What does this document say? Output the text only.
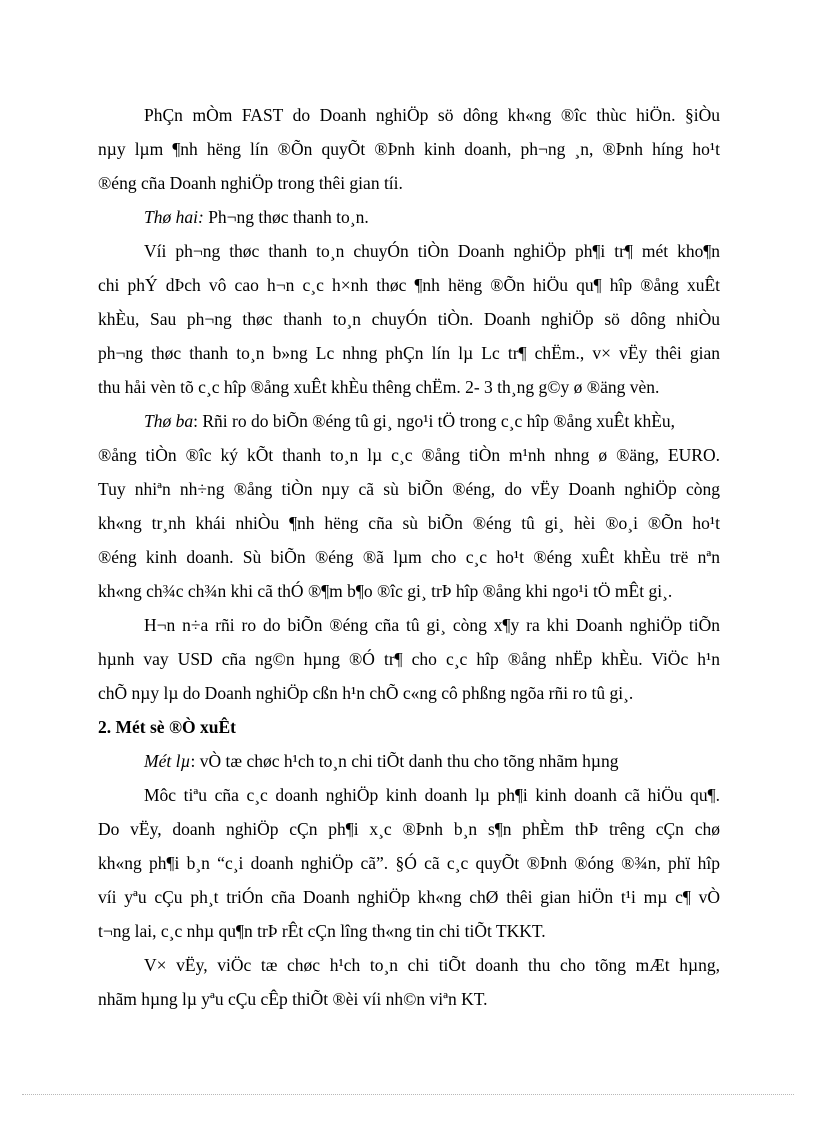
PhÇn mÒm FAST do Doanh nghiÖp sö dông kh«ng ®îc thùc hiÖn. §iÒu
nµy lµm ¶nh hëng lín ®Õn quyÕt ®Þnh kinh doanh, ph¬ng ¸n, ®Þnh híng ho¹t
®éng cña Doanh nghiÖp trong thêi gian tíi.

Thø hai: Ph¬ng thøc thanh to¸n.

Víi ph¬ng thøc thanh to¸n chuyÓn tiÒn Doanh nghiÖp ph¶i tr¶ mét kho¶n
chi phÝ dÞch vô cao h¬n c¸c h×nh thøc ¶nh hëng ®Õn hiÖu qu¶ hîp ®ång xuÊt
khÈu, Sau ph¬ng thøc thanh to¸n chuyÓn tiÒn. Doanh nghiÖp sö dông nhiÒu
ph¬ng thøc thanh to¸n b»ng Lc nhng phÇn lín lµ Lc tr¶ chËm., v× vËy thêi gian
thu håi vèn tõ c¸c hîp ®ång xuÊt khÈu thêng chËm. 2- 3 th¸ng g©y ø ®äng vèn.

Thø ba: Rñi ro do biÕn ®éng tû gi¸ ngo¹i tÖ trong c¸c hîp ®ång xuÊt khÈu,
®ång tiÒn ®îc ký kÕt thanh to¸n lµ c¸c ®ång tiÒn m¹nh nhng ø ®äng, EURO.
Tuy nhiªn nh÷ng ®ång tiÒn nµy cã sù biÕn ®éng, do vËy Doanh nghiÖp còng
kh«ng tr¸nh khái nhiÒu ¶nh hëng cña sù biÕn ®éng tû gi¸ hèi ®o¸i ®Õn ho¹t
®éng kinh doanh. Sù biÕn ®éng ®ã lµm cho c¸c ho¹t ®éng xuÊt khÈu trë nªn
kh«ng ch¾c ch¾n khi cã thÓ ®¶m b¶o ®îc gi¸ trÞ hîp ®ång khi ngo¹i tÖ mÊt gi¸.

H¬n n÷a rñi ro do biÕn ®éng cña tû gi¸ còng x¶y ra khi Doanh nghiÖp tiÕn
hµnh vay USD cña ng©n hµng ®Ó tr¶ cho c¸c hîp ®ång nhËp khÈu. ViÖc h¹n
chÕ nµy lµ do Doanh nghiÖp cßn h¹n chÕ c«ng cô phßng ngõa rñi ro tû gi¸.

2. Mét sè ®Ò xuÊt

Mét lµ: vÒ tæ chøc h¹ch to¸n chi tiÕt danh thu cho tõng nhãm hµng

Môc tiªu cña c¸c doanh nghiÖp kinh doanh lµ ph¶i kinh doanh cã hiÖu qu¶.
Do vËy, doanh nghiÖp cÇn ph¶i x¸c ®Þnh b¸n s¶n phÈm thÞ trêng cÇn chø
kh«ng ph¶i b¸n “c¸i doanh nghiÖp cã”. §Ó cã c¸c quyÕt ®Þnh ®óng ®¾n, phï hîp
víi yªu cÇu ph¸t triÓn cña Doanh nghiÖp kh«ng chØ thêi gian hiÖn t¹i mµ c¶ vÒ
t¬ng lai, c¸c nhµ qu¶n trÞ rÊt cÇn lîng th«ng tin chi tiÕt TKKT.

V× vËy, viÖc tæ chøc h¹ch to¸n chi tiÕt doanh thu cho tõng mÆt hµng,
nhãm hµng lµ yªu cÇu cÊp thiÕt ®èi víi nh©n viªn KT.
